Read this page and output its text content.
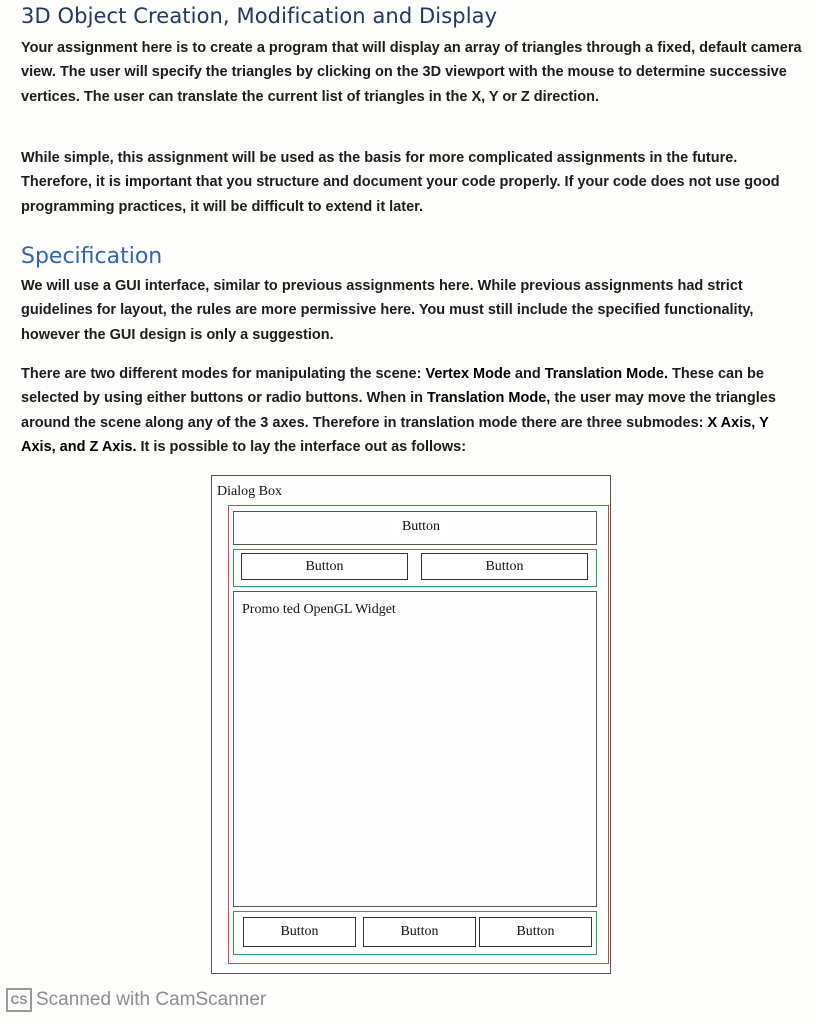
3D Object Creation, Modification and Display

Your assignment here is to create a program that will display an array of triangles through a fixed, default camera view. The user will specify the triangles by clicking on the 3D viewport with the mouse to determine successive vertices. The user can translate the current list of triangles in the X, Y or Z direction.

While simple, this assignment will be used as the basis for more complicated assignments in the future. Therefore, it is important that you structure and document your code properly. If your code does not use good programming practices, it will be difficult to extend it later.

Specification

We will use a GUI interface, similar to previous assignments here. While previous assignments had strict guidelines for layout, the rules are more permissive here. You must still include the specified functionality, however the GUI design is only a suggestion.

There are two different modes for manipulating the scene: Vertex Mode and Translation Mode. These can be selected by using either buttons or radio buttons. When in Translation Mode, the user may move the triangles around the scene along any of the 3 axes. Therefore in translation mode there are three submodes: X Axis, Y Axis, and Z Axis. It is possible to lay the interface out as follows:

Dialog Box
Button
Button	Button
Promo ted OpenGL Widget
Button	Button	Button
CS Scanned with CamScanner
